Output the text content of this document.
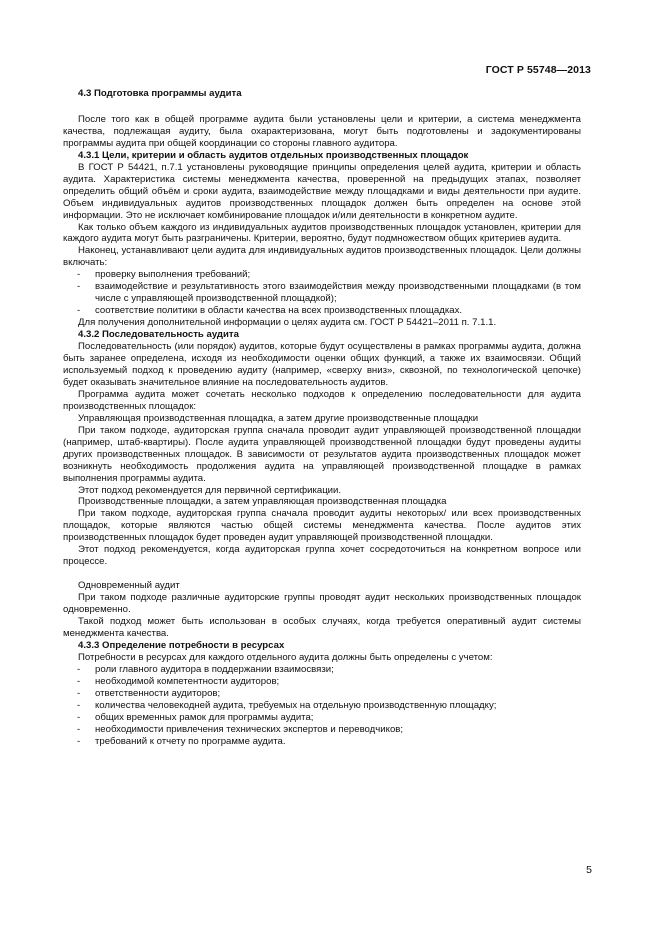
ГОСТ Р 55748—2013
4.3 Подготовка программы аудита

После того как в общей программе аудита были установлены цели и критерии, а система менеджмента качества, подлежащая аудиту, была охарактеризована, могут быть подготовлены и задокументированы программы аудита при общей координации со стороны главного аудитора.

4.3.1 Цели, критерии и область аудитов отдельных производственных площадок

В ГОСТ Р 54421, п.7.1 установлены руководящие принципы определения целей аудита, критерии и область аудита. Характеристика системы менеджмента качества, проверенной на предыдущих этапах, позволяет определить общий объём и сроки аудита, взаимодействие между площадками и виды деятельности при аудите. Объем индивидуальных аудитов производственных площадок должен быть определен на основе этой информации. Это не исключает комбинирование площадок и/или деятельности в конкретном аудите.

Как только объем каждого из индивидуальных аудитов производственных площадок установлен, критерии для каждого аудита могут быть разграничены. Критерии, вероятно, будут подмножеством общих критериев аудита.

Наконец, устанавливают цели аудита для индивидуальных аудитов производственных площадок. Цели должны включать:

-	проверку выполнения требований;
-	взаимодействие и результативность этого взаимодействия между производственными площадками (в том числе с управляющей производственной площадкой);
-	соответствие политики в области качества на всех производственных площадках.

Для получения дополнительной информации о целях аудита см. ГОСТ Р 54421–2011 п. 7.1.1.

4.3.2 Последовательность аудита

Последовательность (или порядок) аудитов, которые будут осуществлены в рамках программы аудита, должна быть заранее определена, исходя из необходимости оценки общих функций, а также их взаимосвязи. Общий используемый подход к проведению аудиту (например, «сверху вниз», сквозной, по технологической цепочке) будет оказывать значительное влияние на последовательность аудитов.

Программа аудита может сочетать несколько подходов к определению последовательности для аудита производственных площадок:

Управляющая производственная площадка, а затем другие производственные площадки

При таком подходе, аудиторская группа сначала проводит аудит управляющей производственной площадки (например, штаб-квартиры). После аудита управляющей производственной площадки будут проведены аудиты других производственных площадок. В зависимости от результатов аудита производственных площадок может возникнуть необходимость продолжения аудита на управляющей производственной площадке в рамках выполнения программы аудита.

Этот подход рекомендуется для первичной сертификации.

Производственные площадки, а затем управляющая производственная площадка

При таком подходе, аудиторская группа сначала проводит аудиты некоторых/ или всех производственных площадок, которые являются частью общей системы менеджмента качества. После аудитов этих производственных площадок будет проведен аудит управляющей производственной площадки.

Этот подход рекомендуется, когда аудиторская группа хочет сосредоточиться на конкретном вопросе или процессе.

Одновременный аудит

При таком подходе различные аудиторские группы проводят аудит нескольких производственных площадок одновременно.

Такой подход может быть использован в особых случаях, когда требуется оперативный аудит системы менеджмента качества.

4.3.3 Определение потребности в ресурсах

Потребности в ресурсах для каждого отдельного аудита должны быть определены с учетом:

-	роли главного аудитора в поддержании взаимосвязи;
-	необходимой компетентности аудиторов;
-	ответственности аудиторов;
-	количества человекодней аудита, требуемых на отдельную производственную площадку;
-	общих временных рамок для программы аудита;
-	необходимости привлечения технических экспертов и переводчиков;
-	требований к отчету по программе аудита.
5
